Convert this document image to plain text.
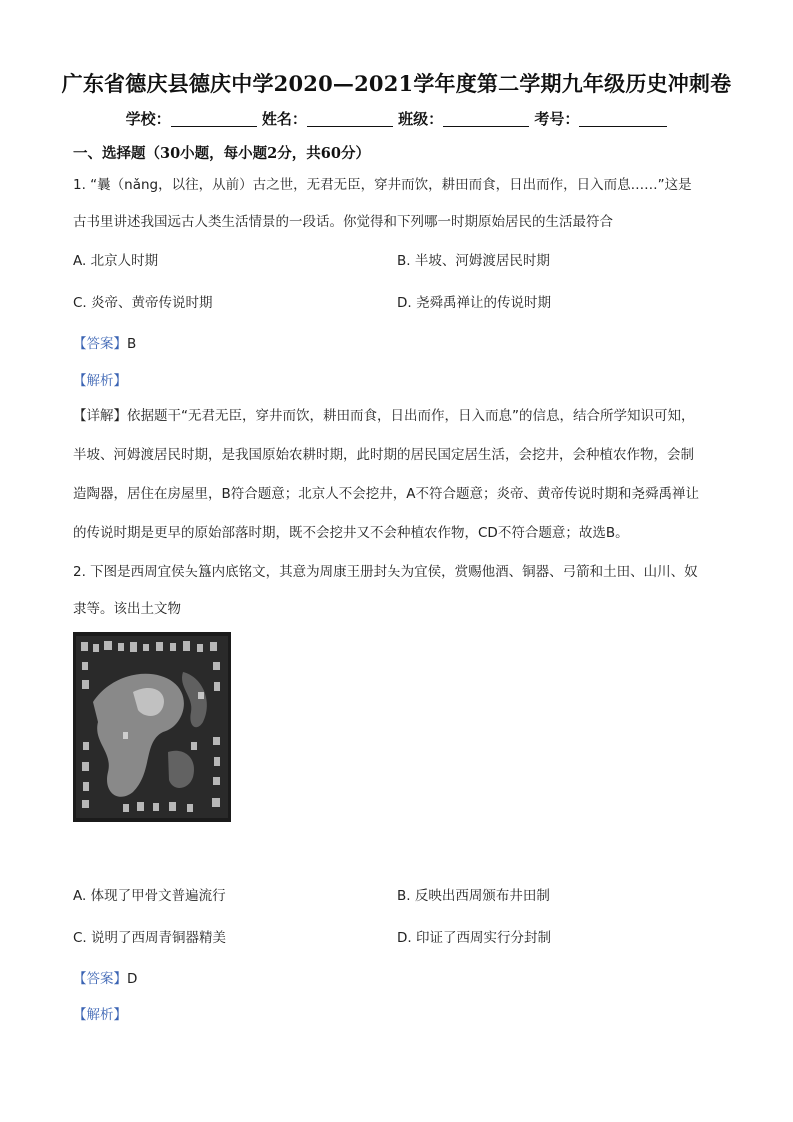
广东省德庆县德庆中学2020—2021学年度第二学期九年级历史冲刺卷
学校：	姓名：	班级：	考号：
一、选择题（30小题，每小题2分，共60分）
1. “曩（nǎng，以往，从前）古之世，无君无臣，穿井而饮，耕田而食，日出而作，日入而息……”这是
古书里讲述我国远古人类生活情景的一段话。你觉得和下列哪一时期原始居民的生活最符合
A. 北京人时期	B. 半坡、河姆渡居民时期
C. 炎帝、黄帝传说时期	D. 尧舜禹禅让的传说时期
【答案】B
【解析】
【详解】依据题干“无君无臣，穿井而饮，耕田而食，日出而作，日入而息”的信息，结合所学知识可知，
半坡、河姆渡居民时期，是我国原始农耕时期，此时期的居民国定居生活，会挖井，会种植农作物，会制
造陶器，居住在房屋里，B符合题意；北京人不会挖井，A不符合题意；炎帝、黄帝传说时期和尧舜禹禅让
的传说时期是更早的原始部落时期，既不会挖井又不会种植农作物，CD不符合题意；故选B。
2. 下图是西周宜侯夨簋内底铭文，其意为周康王册封夨为宜侯，赏赐他酒、铜器、弓箭和土田、山川、奴
隶等。该出土文物
A. 体现了甲骨文普遍流行	B. 反映出西周颁布井田制
C. 说明了西周青铜器精美	D. 印证了西周实行分封制
【答案】D
【解析】
